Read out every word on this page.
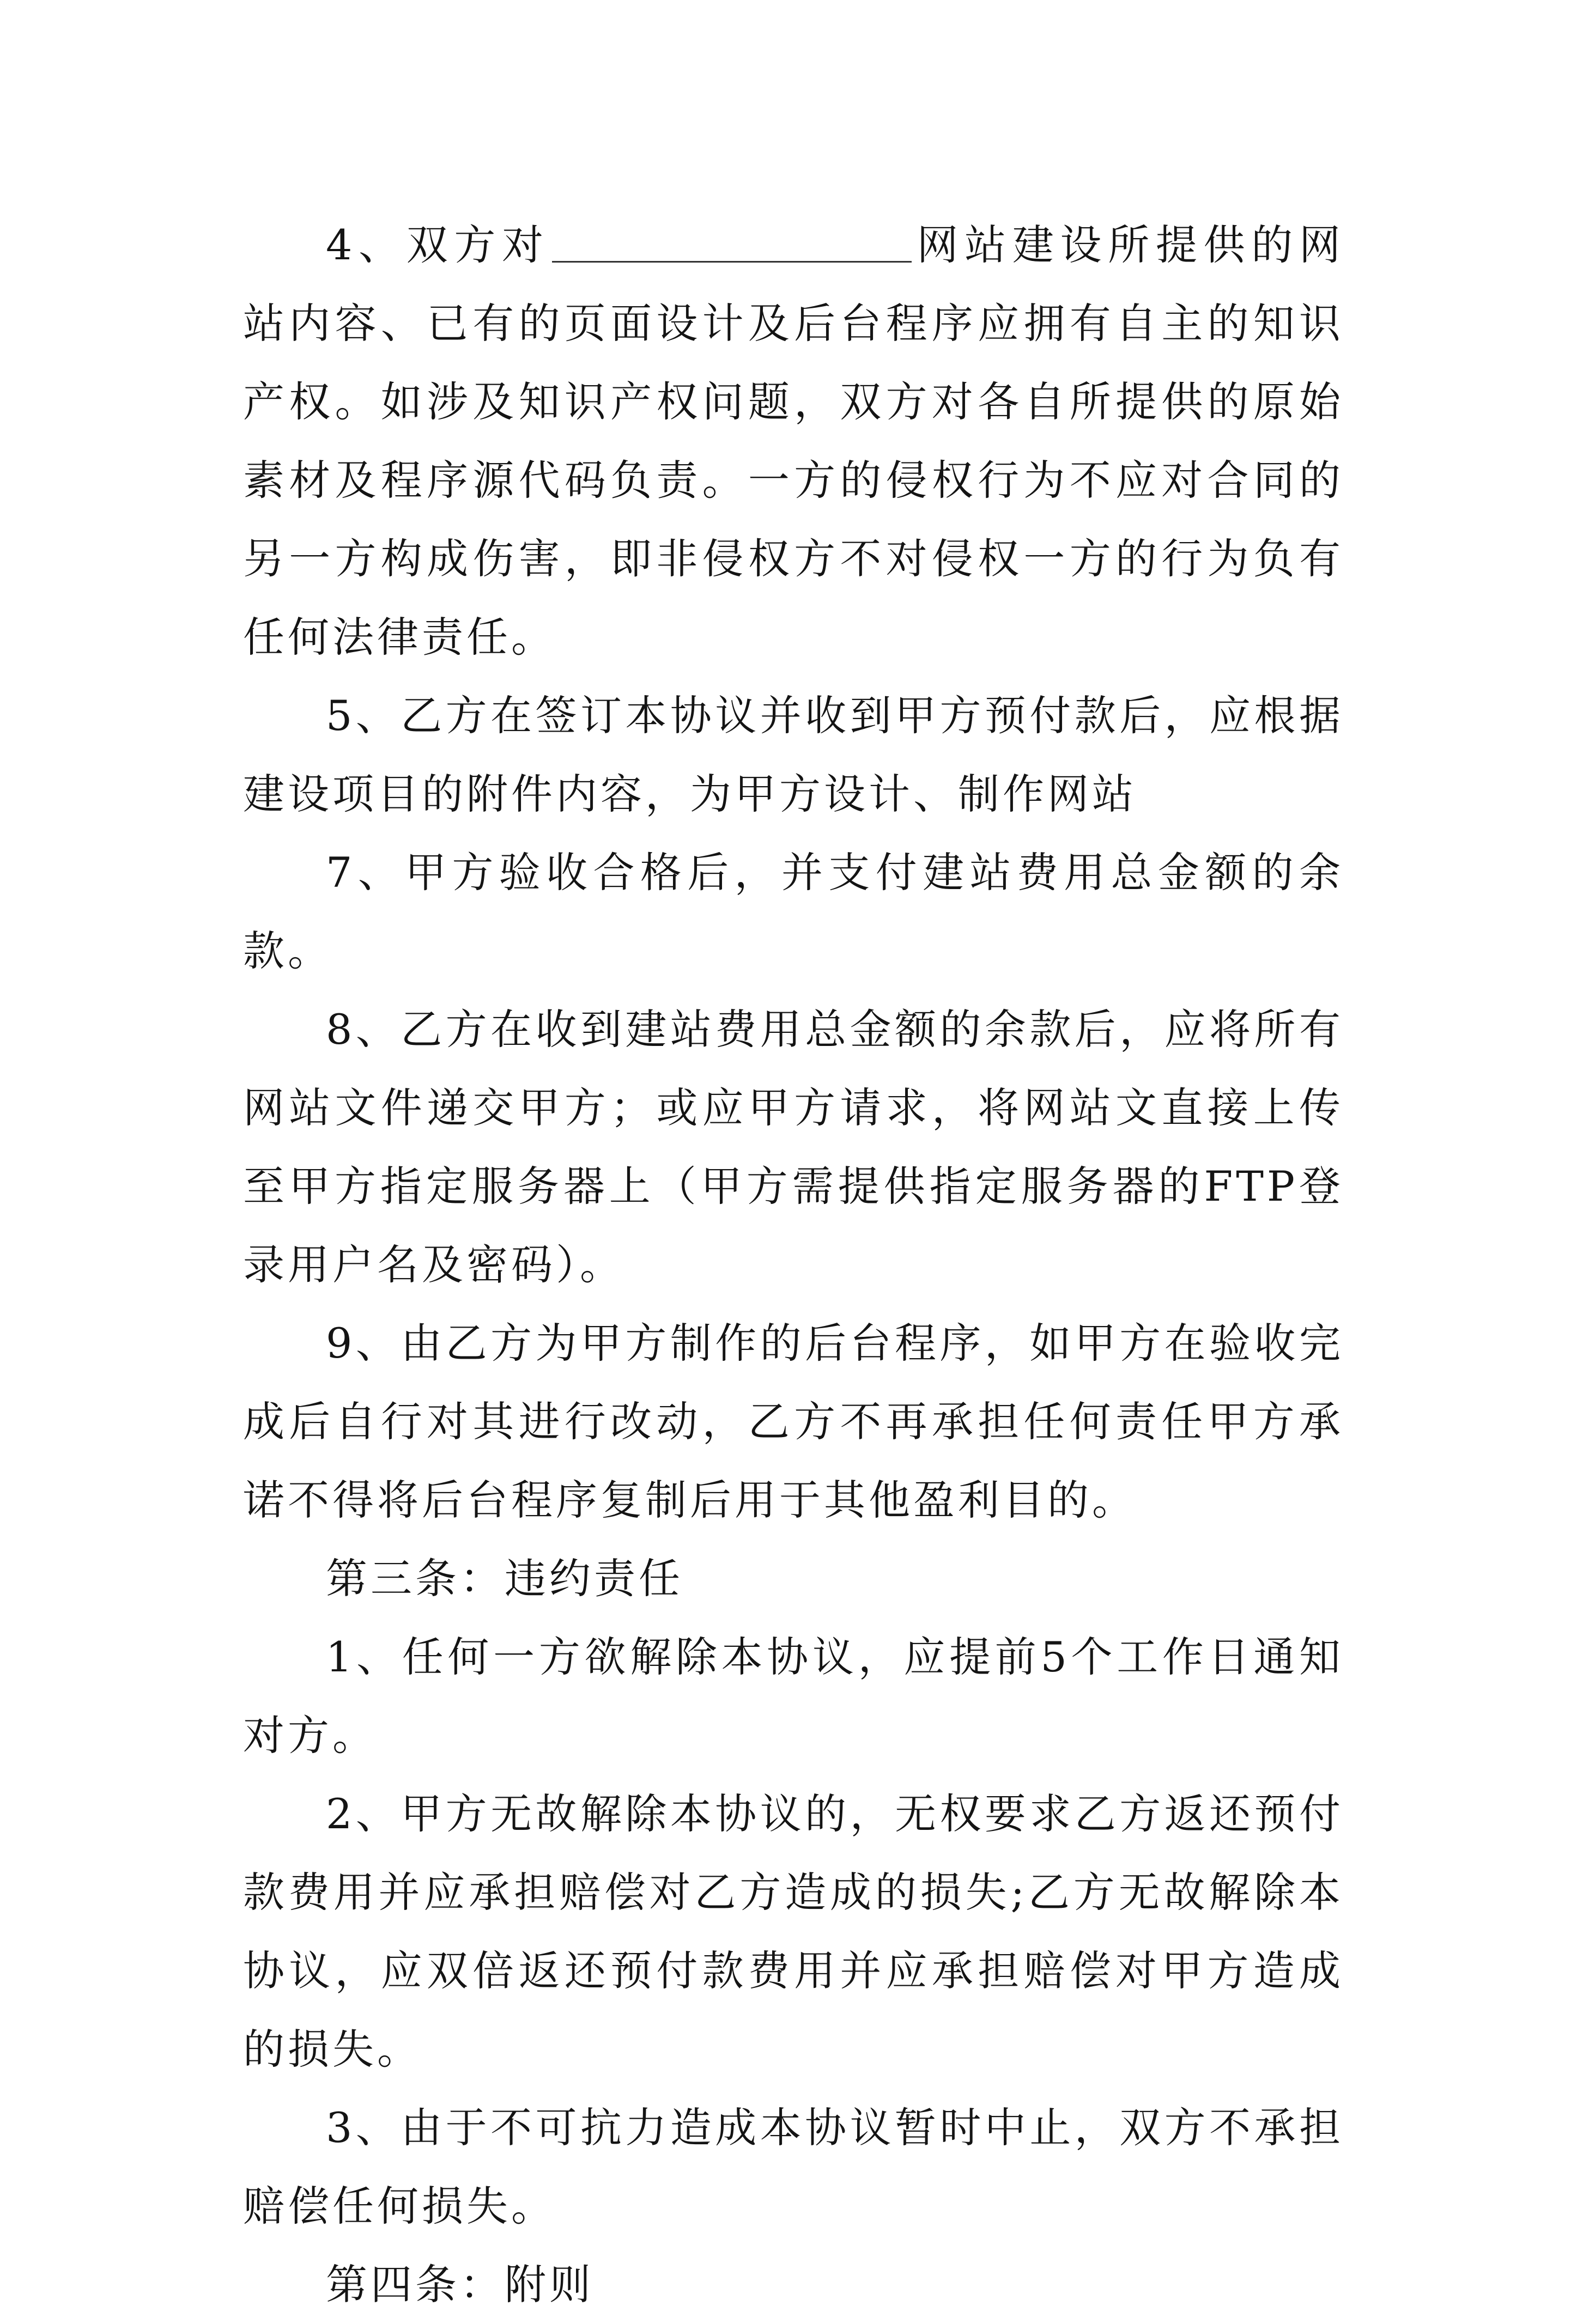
4、双方对	网站建设所提供的网站内容、已有的页面设计及后台程序应拥有自主的知识产权。如涉及知识产权问题，双方对各自所提供的原始素材及程序源代码负责。一方的侵权行为不应对合同的另一方构成伤害，即非侵权方不对侵权一方的行为负有任何法律责任。

5、乙方在签订本协议并收到甲方预付款后，应根据建设项目的附件内容，为甲方设计、制作网站

7、甲方验收合格后，并支付建站费用总金额的余款。

8、乙方在收到建站费用总金额的余款后，应将所有网站文件递交甲方；或应甲方请求，将网站文直接上传至甲方指定服务器上（甲方需提供指定服务器的FTP登录用户名及密码）。

9、由乙方为甲方制作的后台程序，如甲方在验收完成后自行对其进行改动，乙方不再承担任何责任甲方承诺不得将后台程序复制后用于其他盈利目的。

第三条：违约责任

1、任何一方欲解除本协议，应提前5个工作日通知对方。

2、甲方无故解除本协议的，无权要求乙方返还预付款费用并应承担赔偿对乙方造成的损失;乙方无故解除本协议，应双倍返还预付款费用并应承担赔偿对甲方造成的损失。

3、由于不可抗力造成本协议暂时中止，双方不承担赔偿任何损失。

第四条：附则
